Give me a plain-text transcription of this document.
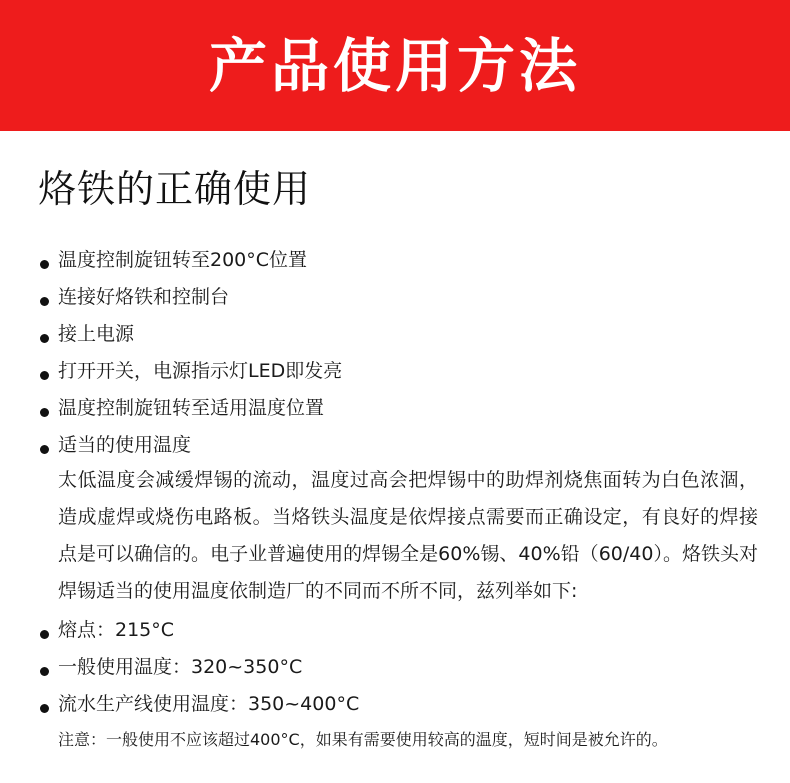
产品使用方法
烙铁的正确使用
温度控制旋钮转至200°C位置
连接好烙铁和控制台
接上电源
打开开关，电源指示灯LED即发亮
温度控制旋钮转至适用温度位置
适当的使用温度
太低温度会减缓焊锡的流动，温度过高会把焊锡中的助焊剂烧焦面转为白色浓涸，造成虚焊或烧伤电路板。当烙铁头温度是依焊接点需要而正确设定，有良好的焊接点是可以确信的。电子业普遍使用的焊锡全是60%锡、40%铅（60/40）。烙铁头对焊锡适当的使用温度依制造厂的不同而不所不同，兹列举如下:
熔点：215°C
一般使用温度：320~350°C
流水生产线使用温度：350~400°C
注意：一般使用不应该超过400°C，如果有需要使用较高的温度，短时间是被允许的。
